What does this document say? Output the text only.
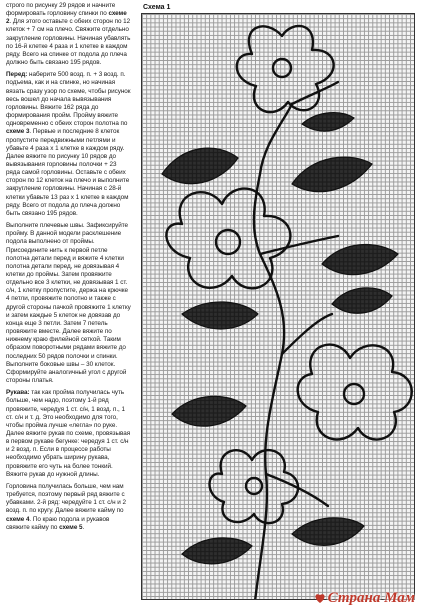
строго по рисунку 29 рядов и начните формировать горловину спинки по схеме 2. Для этого оставьте с обеих сторон по 12 клеток + 7 см на плечо. Свяжите отдельно закругление горловины. Начиная убавлять по 16-й клетке 4 раза и 1 клетке в каждом ряду. Всего на спинке от подола до плеча должно быть связано 195 рядов.

Перед: наберите 500 возд. п. + 3 возд. п. подъема, как и на спинке, но начиная вязать сразу узор по схеме, чтобы рисунок весь вошел до начала вывязывания горловины. Вяжите 162 ряда до формирования пройм. Пройму вяжите одновременно с обеих сторон полотна по схеме 3. Первые и последние 8 клеток пропустите передвижными петлями и убавьте 4 раза х 1 клетке в каждом ряду. Далее вяжите по рисунку 10 рядов до вывязывания горловины полочки + 23 ряда самой горловины. Оставьте с обеих сторон по 12 клеток на плечо и выполните закругление горловины. Начиная с 28-й клетки убавьте 13 раз х 1 клетке в каждом ряду. Всего от подола до плеча должно быть связано 195 рядов.

Выполните плечевые швы. Зафиксируйте пройму. В данной модели расклешение подола выполнено от проймы. Присоедините нить к первой петле полотна детали перед и вяжите 4 клетки полотна детали перед, не довязывая 4 клетки до проймы. Затем провяжите отдельно все 3 клетки, не довязывая 1 ст. с/н, 1 клетку пропустите, держа на крючке 4 петли, провяжите полотно и также с другой стороны пачкой провяжите 1 клетку и затем каждые 5 клеток не довязав до конца еще 3 петли. Затем 7 петель провяжите вместе. Далее вяжите по нижнему краю филейной сеткой. Таким образом поворотными рядами вяжите до последних 50 рядов полочки и спинки. Выполните боковые швы – 30 клеток. Сформируйте аналогичный угол с другой стороны платья.

Рукава: так как пройма получилась чуть больше, чем надо, поэтому 1-й ряд провяжите, чередуя 1 ст. с/н, 1 возд. п., 1 ст. с/н и т. д. Это необходимо для того, чтобы пройма лучше «легла» по руке. Далее вяжите рукав по схеме, провязывая в первом рукаве бегунке: чередуя 1 ст. с/н и 2 возд. п. Если в процессе работы необходимо убрать ширину рукава, провяжите его чуть на более тонкий. Вяжите рукав до нужной длины.

Горловина получилась больше, чем нам требуется, поэтому первый ряд вяжите с убавками. 2-й ряд: чередуйте 1 ст. с/н и 2 возд. п. по кругу. Далее вяжите кайму по схеме 4. По краю подола и рукавов свяжите кайму по схеме 5.

Схема 1
Страна Мам
